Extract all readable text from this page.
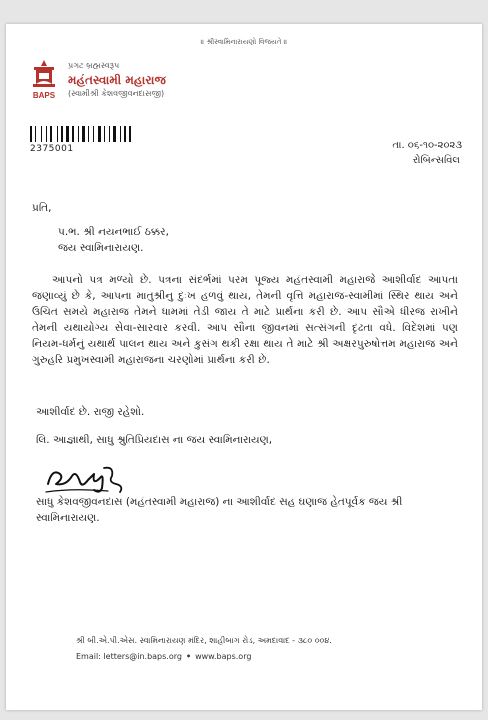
॥ શ્રીસ્વામિનારાયણો વિજયતે ॥
BAPS
પ્રગટ બ્રહ્મસ્વરૂપ
મહંતસ્વામી મહારાજ
(સ્વામીશ્રી કેશવજીવનદાસજી)
2375001	તા. ૦૬-૧૦-૨૦૨૩
રોબિન્સવિલ
પ્રતિ,
પ.ભ. શ્રી નયનભાઈ ઠક્કર,
જય સ્વામિનારાયણ.
આપનો પત્ર મળ્યો છે. પત્રના સંદર્ભમાં પરમ પૂજ્ય મહંતસ્વામી મહારાજે આશીર્વાદ આપતા જણાવ્યું છે કે, આપના માતુશ્રીનુ દુઃખ હળવું થાય, તેમની વૃત્તિ મહારાજ-સ્વામીમાં સ્થિર થાય અને ઉચિત સમયે મહારાજ તેમને ધામમાં તેડી જાય તે માટે પ્રાર્થના કરી છે. આપ સૌએ ધીરજ રાખીને તેમની યથાયોગ્ય સેવા-સારવાર કરવી. આપ સૌના જીવનમાં સત્સંગની દૃઢતા વધે. વિદેશમાં પણ નિયમ-ધર્મનું યથાર્થ પાલન થાય અને કુસંગ થકી રક્ષા થાય તે માટે શ્રી અક્ષરપુરુષોત્તમ મહારાજ અને ગુરુહરિ પ્રમુખસ્વામી મહારાજના ચરણોમાં પ્રાર્થના કરી છે.
આશીર્વાદ છે. રાજી રહેશો.
લિ. આજ્ઞાથી, સાધુ શ્રુતિપ્રિયદાસ ના જય સ્વામિનારાયણ,
સાધુ કેશવજીવનદાસ (મહંતસ્વામી મહારાજ) ના આશીર્વાદ સહ ઘણાજ હેતપૂર્વક જય શ્રી સ્વામિનારાયણ.
શ્રી બી.એ.પી.એસ. સ્વામિનારાયણ મંદિર, શાહીબાગ રોડ, અમદાવાદ - ૩૮૦ ૦૦૪.
Email: letters@in.baps.org • www.baps.org
